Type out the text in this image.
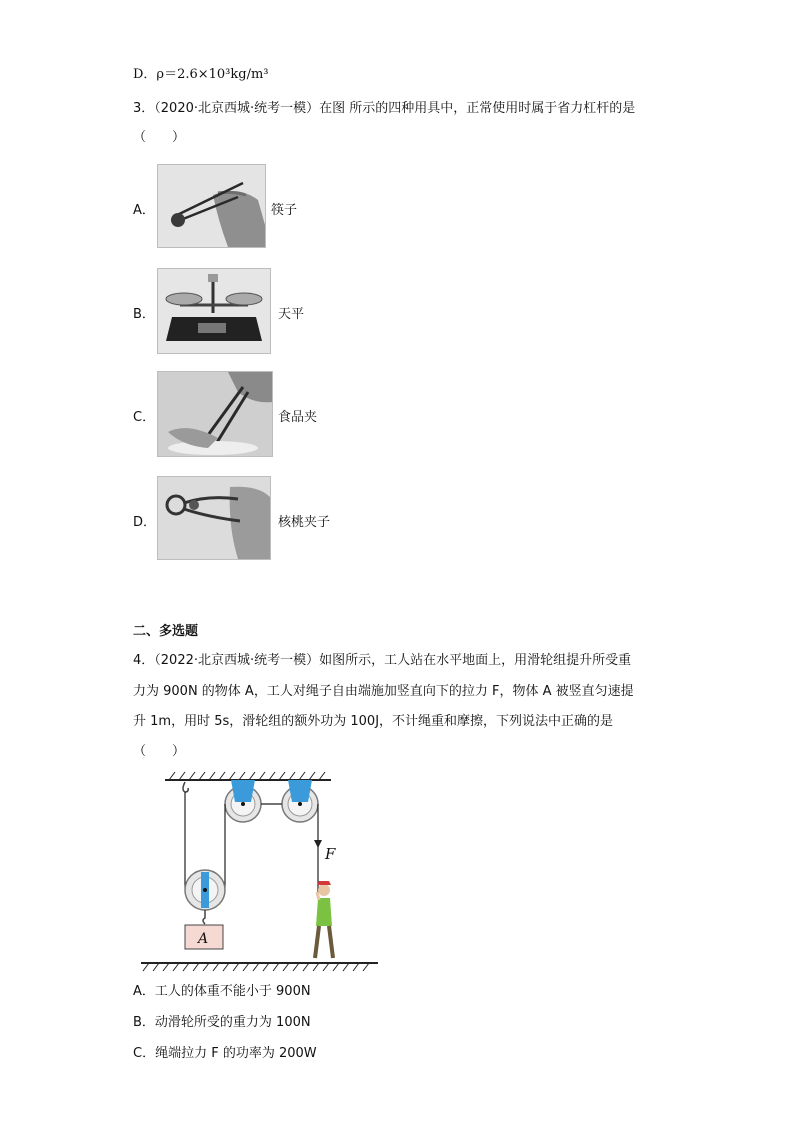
D．ρ＝2.6×10³kg/m³
3．（2020·北京西城·统考一模）在图 所示的四种用具中，正常使用时属于省力杠杆的是
（　　）
A．	筷子
B．	天平
C．	食品夹
D．	核桃夹子
二、多选题
4．（2022·北京西城·统考一模）如图所示，工人站在水平地面上，用滑轮组提升所受重
力为 900N 的物体 A，工人对绳子自由端施加竖直向下的拉力 F，物体 A 被竖直匀速提
升 1m，用时 5s，滑轮组的额外功为 100J，不计绳重和摩擦，下列说法中正确的是
（　　）
F
A
A．工人的体重不能小于 900N
B．动滑轮所受的重力为 100N
C．绳端拉力 F 的功率为 200W
